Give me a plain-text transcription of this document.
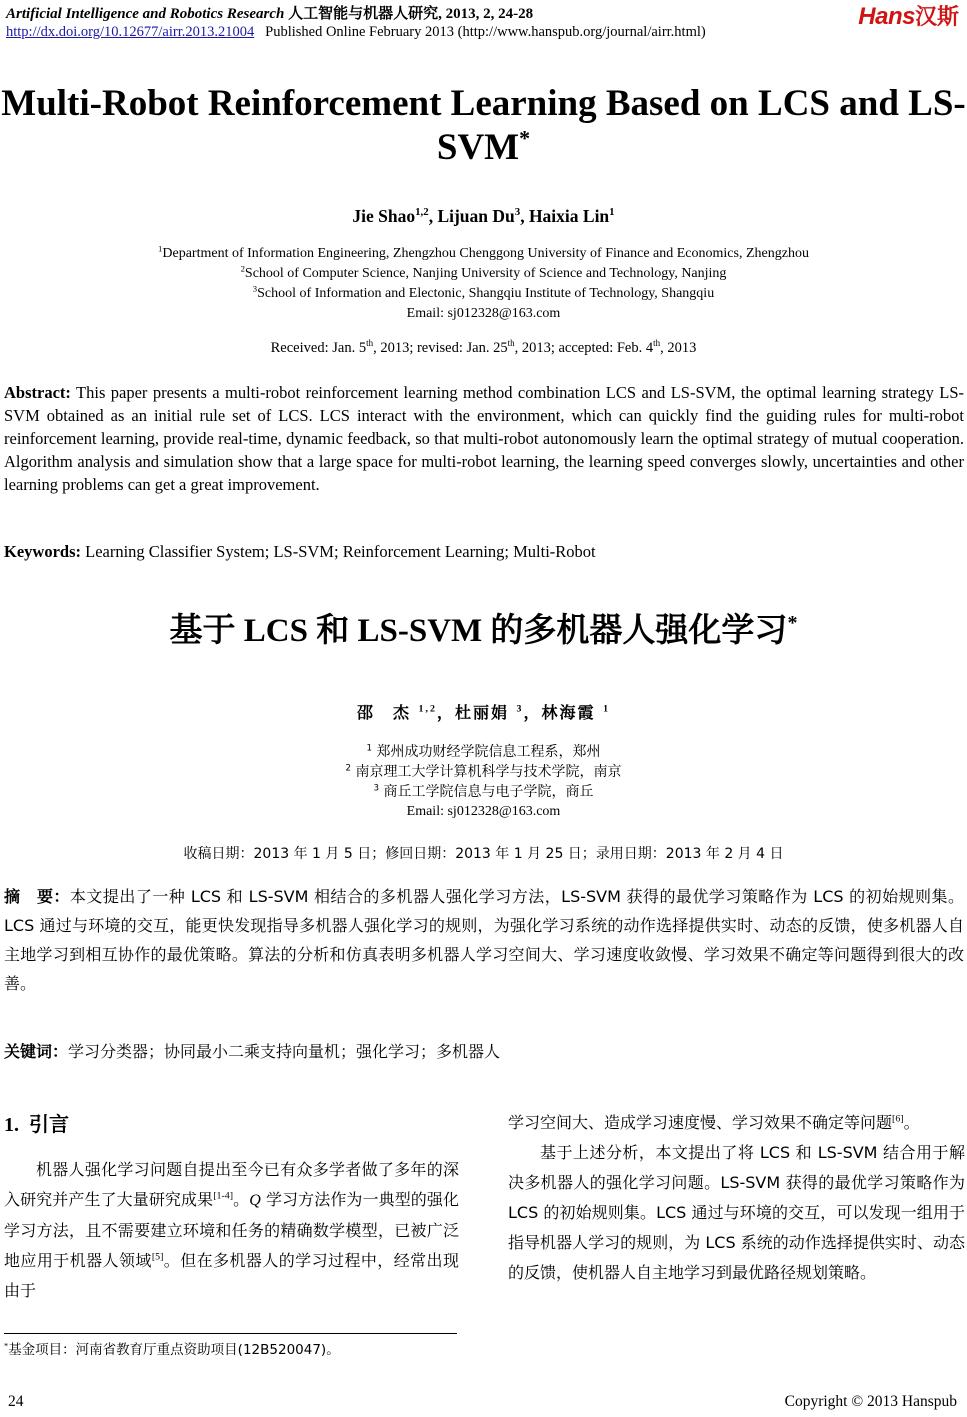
Artificial Intelligence and Robotics Research 人工智能与机器人研究, 2013, 2, 24-28
http://dx.doi.org/10.12677/airr.2013.21004 Published Online February 2013 (http://www.hanspub.org/journal/airr.html)
Hans汉斯
Multi-Robot Reinforcement Learning Based on LCS and LS-SVM*
Jie Shao$^{1,2}$, Lijuan Du$^3$, Haixia Lin$^1$
$^1$Department of Information Engineering, Zhengzhou Chenggong University of Finance and Economics, Zhengzhou
$^2$School of Computer Science, Nanjing University of Science and Technology, Nanjing
$^3$School of Information and Electonic, Shangqiu Institute of Technology, Shangqiu
Email: sj012328@163.com
Received: Jan. 5th, 2013; revised: Jan. 25th, 2013; accepted: Feb. 4th, 2013
Abstract: This paper presents a multi-robot reinforcement learning method combination LCS and LS-SVM, the optimal learning strategy LS-SVM obtained as an initial rule set of LCS. LCS interact with the environment, which can quickly find the guiding rules for multi-robot reinforcement learning, provide real-time, dynamic feedback, so that multi-robot autonomously learn the optimal strategy of mutual cooperation. Algorithm analysis and simulation show that a large space for multi-robot learning, the learning speed converges slowly, uncertainties and other learning problems can get a great improvement.
Keywords: Learning Classifier System; LS-SVM; Reinforcement Learning; Multi-Robot
基于 LCS 和 LS-SVM 的多机器人强化学习*
邵　杰 $^{1,2}$，杜丽娟 $^3$，林海霞 $^1$
$^1$ 郑州成功财经学院信息工程系，郑州
$^2$ 南京理工大学计算机科学与技术学院，南京
$^3$ 商丘工学院信息与电子学院，商丘
Email: sj012328@163.com
收稿日期：2013 年 1 月 5 日；修回日期：2013 年 1 月 25 日；录用日期：2013 年 2 月 4 日
摘　要：本文提出了一种 LCS 和 LS-SVM 相结合的多机器人强化学习方法，LS-SVM 获得的最优学习策略作为 LCS 的初始规则集。LCS 通过与环境的交互，能更快发现指导多机器人强化学习的规则，为强化学习系统的动作选择提供实时、动态的反馈，使多机器人自主地学习到相互协作的最优策略。算法的分析和仿真表明多机器人学习空间大、学习速度收敛慢、学习效果不确定等问题得到很大的改善。
关键词：学习分类器；协同最小二乘支持向量机；强化学习；多机器人
1. 引言
机器人强化学习问题自提出至今已有众多学者做了多年的深入研究并产生了大量研究成果[1-4]。Q 学习方法作为一典型的强化学习方法，且不需要建立环境和任务的精确数学模型，已被广泛地应用于机器人领域[5]。但在多机器人的学习过程中，经常出现由于
学习空间大、造成学习速度慢、学习效果不确定等问题[6]。
基于上述分析，本文提出了将 LCS 和 LS-SVM 结合用于解决多机器人的强化学习问题。LS-SVM 获得的最优学习策略作为 LCS 的初始规则集。LCS 通过与环境的交互，可以发现一组用于指导机器人学习的规则，为 LCS 系统的动作选择提供实时、动态的反馈，使机器人自主地学习到最优路径规划策略。
*基金项目：河南省教育厅重点资助项目(12B520047)。
24	Copyright © 2013 Hanspub
